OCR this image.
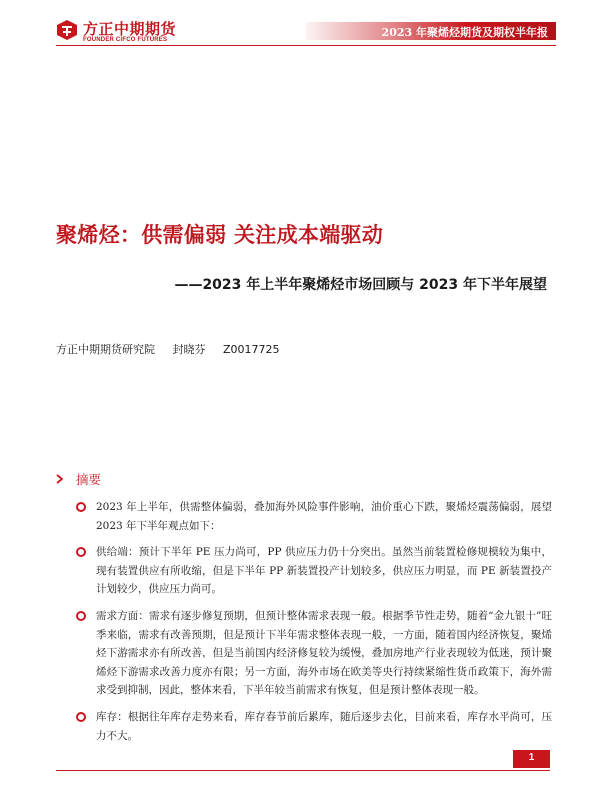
方正中期期货
FOUNDER CIFCO FUTURES
2023 年聚烯烃期货及期权半年报
聚烯烃：供需偏弱 关注成本端驱动
——2023 年上半年聚烯烃市场回顾与 2023 年下半年展望
方正中期期货研究院 封晓芬 Z0017725
摘要
2023 年上半年，供需整体偏弱，叠加海外风险事件影响，油价重心下跌，聚烯烃震荡偏弱，展望 2023 年下半年观点如下：
供给端：预计下半年 PE 压力尚可，PP 供应压力仍十分突出。虽然当前装置检修规模较为集中，现有装置供应有所收缩，但是下半年 PP 新装置投产计划较多，供应压力明显，而 PE 新装置投产计划较少，供应压力尚可。
需求方面：需求有逐步修复预期，但预计整体需求表现一般。根据季节性走势，随着“金九银十”旺季来临，需求有改善预期，但是预计下半年需求整体表现一般，一方面，随着国内经济恢复，聚烯烃下游需求亦有所改善，但是当前国内经济修复较为缓慢，叠加房地产行业表现较为低迷，预计聚烯烃下游需求改善力度亦有限；另一方面，海外市场在欧美等央行持续紧缩性货币政策下，海外需求受到抑制，因此，整体来看，下半年较当前需求有恢复，但是预计整体表现一般。
库存：根据往年库存走势来看，库存春节前后累库，随后逐步去化，目前来看，库存水平尚可，压力不大。
1
